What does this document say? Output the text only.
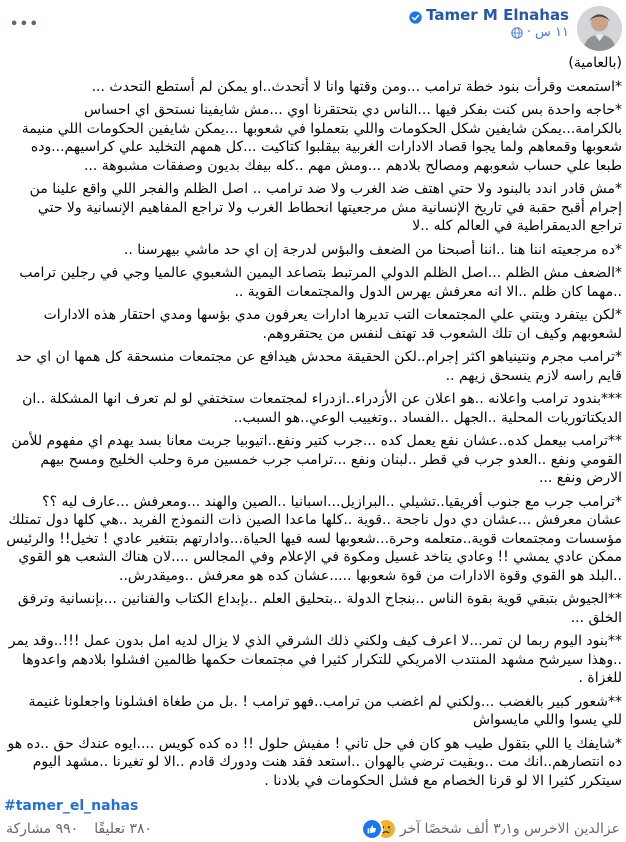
•••
Tamer M Elnahas
١١ س
·

(بالعامية)

*استمعت وقرأت بنود خطة ترامب ...ومن وقتها وانا لا أتحدث..او يمكن لم أستطع التحدث ...

*حاجه واحدة بس كنت بفكر فيها ...الناس دي بتحتقرنا اوي ...مش شايفينا نستحق اي احساس بالكرامة...يمكن شايفين شكل الحكومات واللي بتعملوا في شعوبها ...يمكن شايفين الحكومات اللي منيمة شعوبها وقمعاهم ولما يجوا قصاد الادارات الغربية بيقلبوا كتاكيت ...كل همهم التخليد علي كراسيهم...وده طبعا علي حساب شعوبهم ومصالح بلادهم ...ومش مهم ..كله بيفك بديون وصفقات مشبوهة ...

*مش قادر اندد بالبنود ولا حتي اهتف ضد الغرب ولا ضد ترامب .. اصل الظلم والفجر اللي واقع علينا من إجرام أقبح حقبة في تاريخ الإنسانية مش مرجعيتها انحطاط الغرب ولا تراجع المفاهيم الإنسانية ولا حتي تراجع الديمقراطية في العالم كله ..لا

*ده مرجعيته اننا هنا ..اننا أصبحنا من الضعف والبؤس لدرجة إن اي حد ماشي بيهرسنا ..

*الضعف مش الظلم ...اصل الظلم الدولي المرتبط بتصاعد اليمين الشعبوي عالميا وجي في رجلين ترامب ..مهما كان ظلم ..الا انه معرفش يهرس الدول والمجتمعات القوية ..

*لكن بيتفرد ويتني علي المجتمعات التب تديرها ادارات يعرفون مدي بؤسها ومدي احتقار هذه الادارات لشعوبهم وكيف ان تلك الشعوب قد تهتف لنفس من يحتقروهم.

*ترامب مجرم ونتينياهو اكثر إجرام..لكن الحقيقة محدش هيدافع عن مجتمعات منسحقة كل همها ان اي حد قايم راسه لازم ينسحق زيهم ..

***بندود ترامب واعلانه ..هو اعلان عن الأزدراء..ازدراء لمجتمعات ستختفي لو لم تعرف انها المشكلة ..ان الديكتاتوريات المحلية ..الجهل ..الفساد ..وتغييب الوعي..هو السبب..

**ترامب بيعمل كده..عشان نفع يعمل كده ...جرب كتير ونفع..اتيوبيا جربت معانا بسد يهدم اي مفهوم للأمن القومي ونفع ..العدو جرب في قطر ..لبنان ونفع ...ترامب جرب خمسين مرة وحلب الخليج ومسح بيهم الارض ونفع ...

*ترامب جرب مع جنوب أفريقيا..تشيلي ..البرازيل...اسبانيا ..الصين والهند ...ومعرفش ...عارف ليه ؟؟ عشان معرفش ...عشان دي دول ناجحة ..قوية ..كلها ماعدا الصين ذات النموذج الفريد ..هي كلها دول تمتلك مؤسسات ومجتمعات قوية..متعلمه وحرة...شعوبها لسه فيها الحياة...وادارتهم بتتغير عادي ! تخيل!! والرئيس ممكن عادي يمشي !! وعادي يتاخد غسيل ومكوة في الإعلام وفي المجالس ....لان هناك الشعب هو القوي ..البلد هو القوي وقوة الادارات من قوة شعوبها .....عشان كده هو معرفش ..وميقدرش..

**الجيوش بتبقي قوية بقوة الناس ..بنجاح الدولة ..بتحليق العلم ..بإبداع الكتاب والفنانين ...بإنسانية وترفق الخلق ...

**بنود اليوم ربما لن تمر...لا اعرف كيف ولكني ذلك الشرقي الذي لا يزال لديه امل بدون عمل !!!..وقد يمر ..وهذا سيرشح مشهد المنتدب الامريكي للتكرار كثيرا في مجتمعات حكمها ظالمين افشلوا بلادهم واعدوها للغزاة .

**شعور كبير بالغضب ...ولكني لم اغضب من ترامب..فهو ترامب ! .بل من طغاة افشلونا واجعلونا غنيمة للي يسوا واللي مايسواش

*شايفك يا اللي بتقول طيب هو كان في حل تاني ! مفيش حلول !! ده كده كويس ....ايوه عندك حق ..ده هو ده انتصارهم..انك مت ..وبقيت ترضي بالهوان ..استعد فقد هنت ودورك قادم ..الا لو تغيرنا ..مشهد اليوم سيتكرر كثيرا الا لو قرنا الخصام مع فشل الحكومات في بلادنا .

#tamer_el_nahas
عزالدين الاخرس و٣٫١ ألف شخصًا آخر
٣٨٠ تعليقًا
٩٩٠ مشاركة
